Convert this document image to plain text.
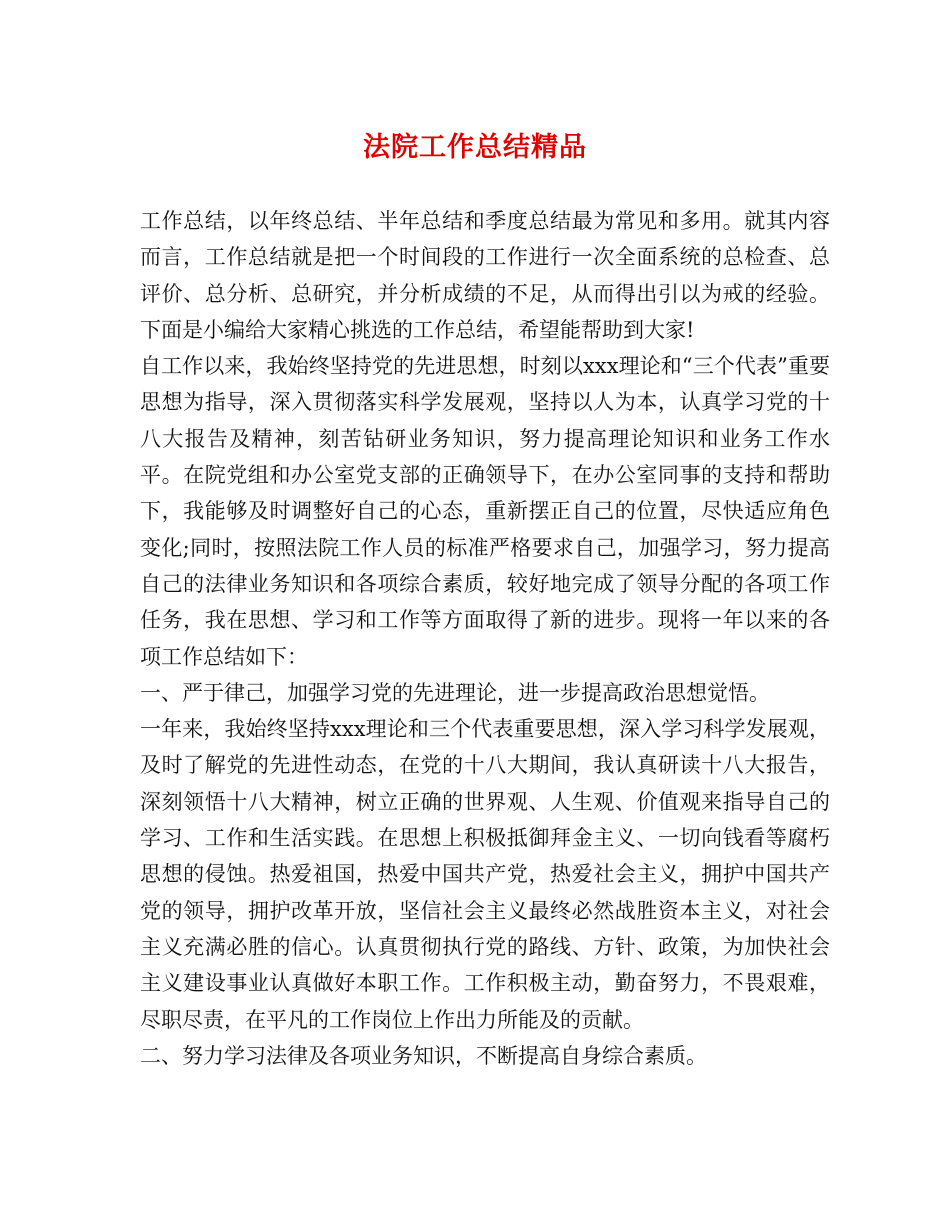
法院工作总结精品

工作总结，以年终总结、半年总结和季度总结最为常见和多用。就其内容而言，工作总结就是把一个时间段的工作进行一次全面系统的总检查、总评价、总分析、总研究，并分析成绩的不足，从而得出引以为戒的经验。下面是小编给大家精心挑选的工作总结，希望能帮助到大家!

自工作以来，我始终坚持党的先进思想，时刻以xxx理论和“三个代表”重要思想为指导，深入贯彻落实科学发展观，坚持以人为本，认真学习党的十八大报告及精神，刻苦钻研业务知识，努力提高理论知识和业务工作水平。在院党组和办公室党支部的正确领导下，在办公室同事的支持和帮助下，我能够及时调整好自己的心态，重新摆正自己的位置，尽快适应角色变化;同时，按照法院工作人员的标准严格要求自己，加强学习，努力提高自己的法律业务知识和各项综合素质，较好地完成了领导分配的各项工作任务，我在思想、学习和工作等方面取得了新的进步。现将一年以来的各项工作总结如下：

一、严于律己，加强学习党的先进理论，进一步提高政治思想觉悟。

一年来，我始终坚持xxx理论和三个代表重要思想，深入学习科学发展观，及时了解党的先进性动态，在党的十八大期间，我认真研读十八大报告，深刻领悟十八大精神，树立正确的世界观、人生观、价值观来指导自己的学习、工作和生活实践。在思想上积极抵御拜金主义、一切向钱看等腐朽思想的侵蚀。热爱祖国，热爱中国共产党，热爱社会主义，拥护中国共产党的领导，拥护改革开放，坚信社会主义最终必然战胜资本主义，对社会主义充满必胜的信心。认真贯彻执行党的路线、方针、政策，为加快社会主义建设事业认真做好本职工作。工作积极主动，勤奋努力，不畏艰难，尽职尽责，在平凡的工作岗位上作出力所能及的贡献。

二、努力学习法律及各项业务知识，不断提高自身综合素质。
